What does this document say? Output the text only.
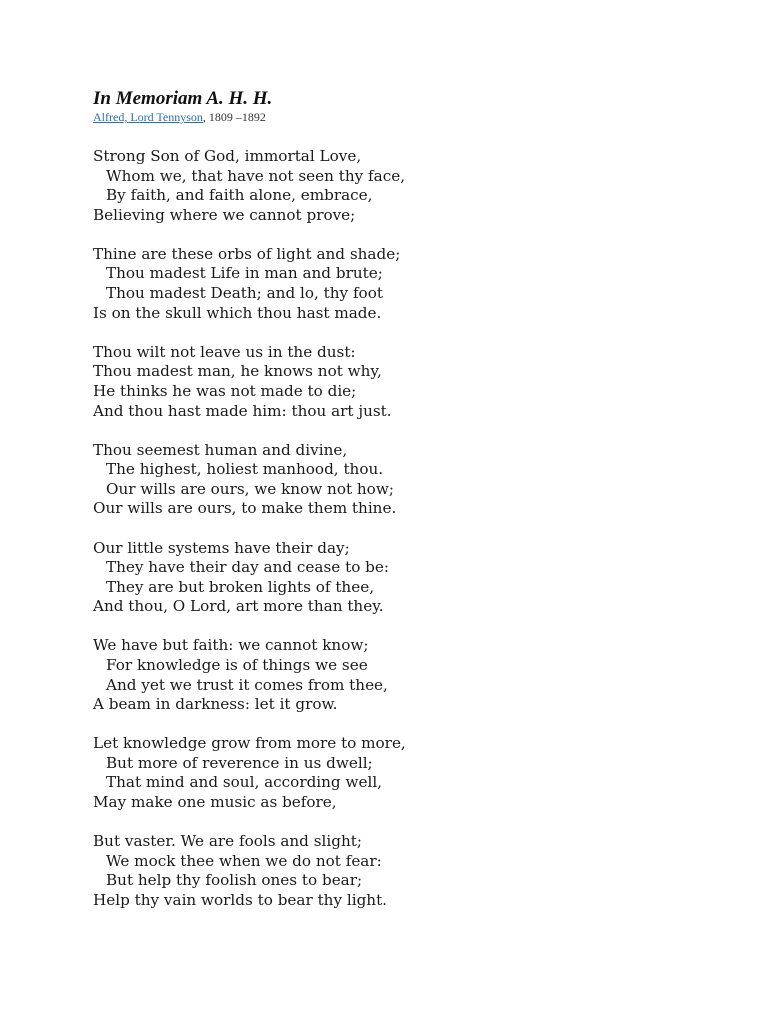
In Memoriam A. H. H.
Alfred, Lord Tennyson, 1809 –1892
Strong Son of God, immortal Love,
Whom we, that have not seen thy face,
By faith, and faith alone, embrace,
Believing where we cannot prove;
Thine are these orbs of light and shade;
Thou madest Life in man and brute;
Thou madest Death; and lo, thy foot
Is on the skull which thou hast made.
Thou wilt not leave us in the dust:
Thou madest man, he knows not why,
He thinks he was not made to die;
And thou hast made him: thou art just.
Thou seemest human and divine,
The highest, holiest manhood, thou.
Our wills are ours, we know not how;
Our wills are ours, to make them thine.
Our little systems have their day;
They have their day and cease to be:
They are but broken lights of thee,
And thou, O Lord, art more than they.
We have but faith: we cannot know;
For knowledge is of things we see
And yet we trust it comes from thee,
A beam in darkness: let it grow.
Let knowledge grow from more to more,
But more of reverence in us dwell;
That mind and soul, according well,
May make one music as before,
But vaster. We are fools and slight;
We mock thee when we do not fear:
But help thy foolish ones to bear;
Help thy vain worlds to bear thy light.
